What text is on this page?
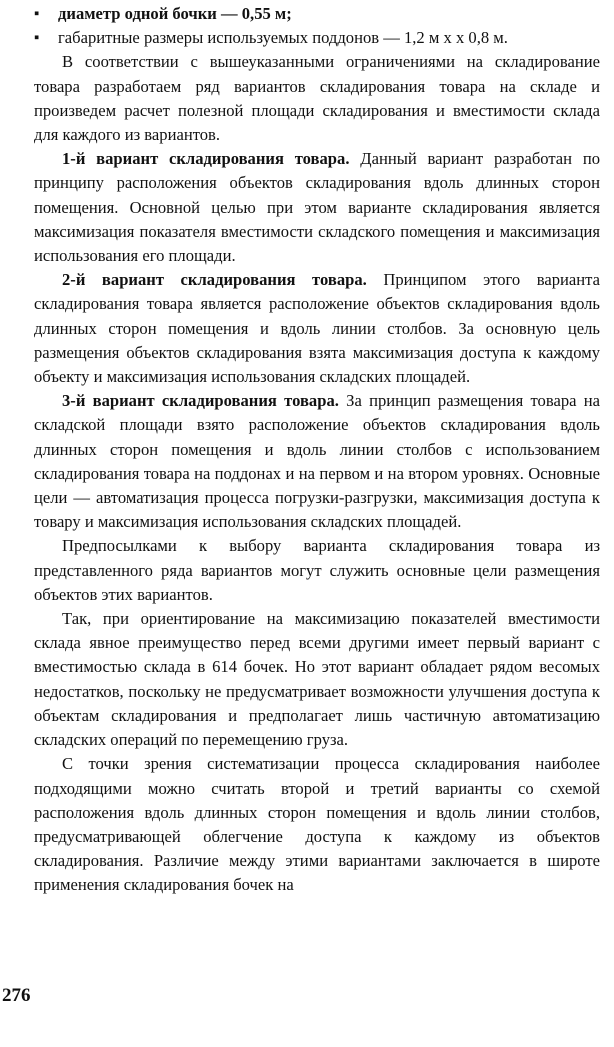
▪ диаметр одной бочки — 0,55 м;
▪ габаритные размеры используемых поддонов — 1,2 м х х 0,8 м.

В соответствии с вышеуказанными ограничениями на складирование товара разработаем ряд вариантов складирования товара на складе и произведем расчет полезной площади складирования и вместимости склада для каждого из вариантов.

1-й вариант складирования товара. Данный вариант разработан по принципу расположения объектов складирования вдоль длинных сторон помещения. Основной целью при этом варианте складирования является максимизация показателя вместимости складского помещения и максимизация использования его площади.

2-й вариант складирования товара. Принципом этого варианта складирования товара является расположение объектов складирования вдоль длинных сторон помещения и вдоль линии столбов. За основную цель размещения объектов складирования взята максимизация доступа к каждому объекту и максимизация использования складских площадей.

3-й вариант складирования товара. За принцип размещения товара на складской площади взято расположение объектов складирования вдоль длинных сторон помещения и вдоль линии столбов с использованием складирования товара на поддонах и на первом и на втором уровнях. Основные цели — автоматизация процесса погрузки-разгрузки, максимизация доступа к товару и максимизация использования складских площадей.

Предпосылками к выбору варианта складирования товара из представленного ряда вариантов могут служить основные цели размещения объектов этих вариантов.

Так, при ориентирование на максимизацию показателей вместимости склада явное преимущество перед всеми другими имеет первый вариант с вместимостью склада в 614 бочек. Но этот вариант обладает рядом весомых недостатков, поскольку не предусматривает возможности улучшения доступа к объектам складирования и предполагает лишь частичную автоматизацию складских операций по перемещению груза.

С точки зрения систематизации процесса складирования наиболее подходящими можно считать второй и третий варианты со схемой расположения вдоль длинных сторон помещения и вдоль линии столбов, предусматривающей облегчение доступа к каждому из объектов складирования. Различие между этими вариантами заключается в широте применения складирования бочек на

276
